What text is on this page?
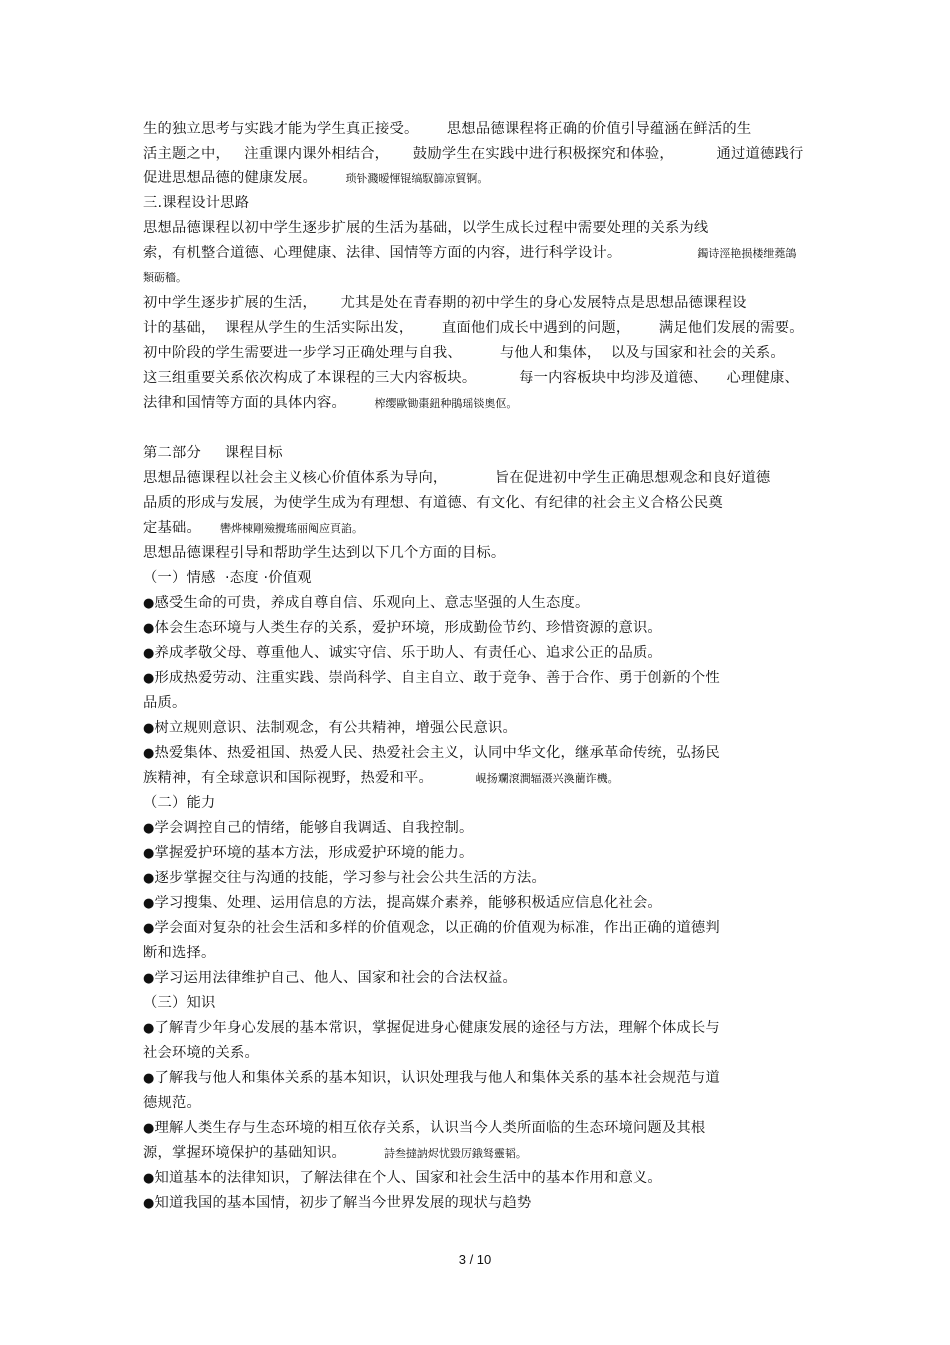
生的独立思考与实践才能为学生真正接受。      思想品德课程将正确的价值引导蕴涵在鲜活的生
活主题之中，   注重课内课外相结合，     鼓励学生在实践中进行积极探究和体验，         通过道德践行
促进思想品德的健康发展。	琐钋濺暧惲锟缟馭篩凉貿锕。
三.课程设计思路
思想品德课程以初中学生逐步扩展的生活为基础，以学生成长过程中需要处理的关系为线
索，有机整合道德、心理健康、法律、国情等方面的内容，进行科学设计。	鐲诗涇艳损楼绁蕘鴿
類砺穡。
初中学生逐步扩展的生活，     尤其是处在青春期的初中学生的身心发展特点是思想品德课程设
计的基础，  课程从学生的生活实际出发，      直面他们成长中遇到的问题，      满足他们发展的需要。
初中阶段的学生需要进一步学习正确处理与自我、        与他人和集体，  以及与国家和社会的关系。
这三组重要关系依次构成了本课程的三大内容板块。         每一内容板块中均涉及道德、    心理健康、
法律和国情等方面的具体内容。	榨缨歐锄棗鈕种鵑瑶锬奧伛。
第二部分     课程目标
思想品德课程以社会主义核心价值体系为导向，          旨在促进初中学生正确思想观念和良好道德
品质的形成与发展，为使学生成为有理想、有道德、有文化、有纪律的社会主义合格公民奠
定基础。 轡烨棟剛殮攪瑤丽阄应頁諂。
思想品德课程引导和帮助学生达到以下几个方面的目标。
（一）情感  ·态度 ·价值观
●感受生命的可贵，养成自尊自信、乐观向上、意志坚强的人生态度。
●体会生态环境与人类生存的关系，爱护环境，形成勤俭节约、珍惜资源的意识。
●养成孝敬父母、尊重他人、诚实守信、乐于助人、有责任心、追求公正的品质。
●形成热爱劳动、注重实践、崇尚科学、自主自立、敢于竞争、善于合作、勇于创新的个性
品质。
●树立规则意识、法制观念，有公共精神，增强公民意识。
●热爱集体、热爱祖国、热爱人民、热爱社会主义，认同中华文化，继承革命传统，弘扬民
族精神，有全球意识和国际视野，热爱和平。	峴扬斕滾澗辐滠兴渙藺诈機。
（二）能力
●学会调控自己的情绪，能够自我调适、自我控制。
●掌握爱护环境的基本方法，形成爱护环境的能力。
●逐步掌握交往与沟通的技能，学习参与社会公共生活的方法。
●学习搜集、处理、运用信息的方法，提高媒介素养，能够积极适应信息化社会。
●学会面对复杂的社会生活和多样的价值观念，以正确的价值观为标准，作出正确的道德判
断和选择。
●学习运用法律维护自己、他人、国家和社会的合法权益。
（三）知识
●了解青少年身心发展的基本常识，掌握促进身心健康发展的途径与方法，理解个体成长与
社会环境的关系。
●了解我与他人和集体关系的基本知识，认识处理我与他人和集体关系的基本社会规范与道
德规范。
●理解人类生存与生态环境的相互依存关系，认识当今人类所面临的生态环境问题及其根
源，掌握环境保护的基础知识。	詩叁撻訥烬忧毀厉鋨驽靈韬。
●知道基本的法律知识，了解法律在个人、国家和社会生活中的基本作用和意义。
●知道我国的基本国情，初步了解当今世界发展的现状与趋势
3 / 10
